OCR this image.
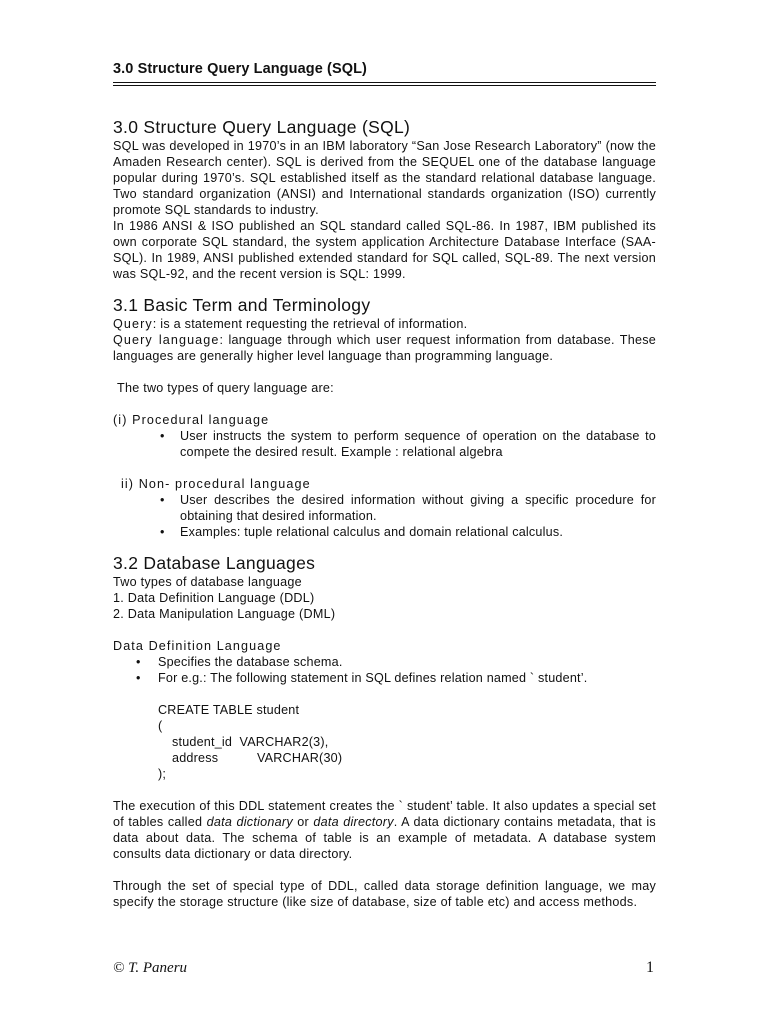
3.0 Structure Query Language (SQL)
3.0 Structure Query Language (SQL)

SQL was developed in 1970’s in an IBM laboratory “San Jose Research Laboratory” (now the Amaden Research center). SQL is derived from the SEQUEL one of the database language popular during 1970’s. SQL established itself as the standard relational database language. Two standard organization (ANSI) and International standards organization (ISO) currently promote SQL standards to industry.

In 1986 ANSI & ISO published an SQL standard called SQL-86. In 1987, IBM published its own corporate SQL standard, the system application Architecture Database Interface (SAA-SQL). In 1989, ANSI published extended standard for SQL called, SQL-89. The next version was SQL-92, and the recent version is SQL: 1999.

3.1 Basic Term and Terminology

Query: is a statement requesting the retrieval of information.

Query language: language through which user request information from database. These languages are generally higher level language than programming language.

The two types of query language are:

(i) Procedural language

• User instructs the system to perform sequence of operation on the database to compete the desired result. Example : relational algebra

ii) Non- procedural language

• User describes the desired information without giving a specific procedure for obtaining that desired information.
• Examples: tuple relational calculus and domain relational calculus.
3.2 Database Languages

Two types of database language

1. Data Definition Language (DDL)

2. Data Manipulation Language (DML)

Data Definition Language

• Specifies the database schema.
• For e.g.: The following statement in SQL defines relation named ` student’.
CREATE TABLE student
(
student_id VARCHAR2(3),
address	VARCHAR(30)
);

The execution of this DDL statement creates the ` student’ table. It also updates a special set of tables called data dictionary or data directory. A data dictionary contains metadata, that is data about data. The schema of table is an example of metadata. A database system consults data dictionary or data directory.

Through the set of special type of DDL, called data storage definition language, we may specify the storage structure (like size of database, size of table etc) and access methods.

© T. Paneru	1
